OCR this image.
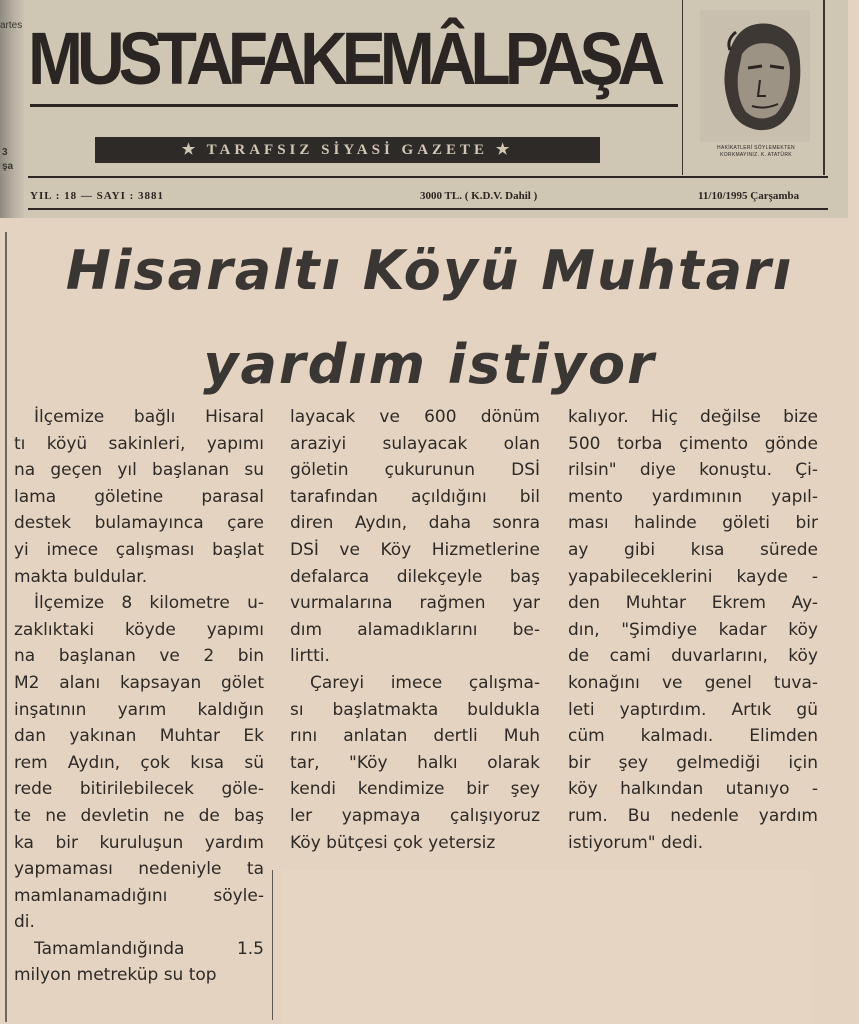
artes
3
şa
MUSTAFAKEMÂLPAŞA
HAKİKATLERİ SÖYLEMEKTEN KORKMAYINIZ. K. ATATÜRK
★ TARAFSIZ SİYASİ GAZETE ★
YIL : 18 — SAYI : 3881	3000 TL. ( K.D.V. Dahil )	11/10/1995 Çarşamba
Hisaraltı Köyü Muhtarı
yardım istiyor
İlçemize bağlı Hisaral
tı köyü sakinleri, yapımı
na geçen yıl başlanan su
lama göletine parasal
destek bulamayınca çare
yi imece çalışması başlat
makta buldular.
İlçemize 8 kilometre u-
zaklıktaki köyde yapımı
na başlanan ve 2 bin
M2 alanı kapsayan gölet
inşatının yarım kaldığın
dan yakınan Muhtar Ek
rem Aydın, çok kısa sü
rede bitirilebilecek göle-
te ne devletin ne de baş
ka bir kuruluşun yardım
yapmaması nedeniyle ta
mamlanamadığını söyle-
di.
Tamamlandığında 1.5
milyon metreküp su top
layacak ve 600 dönüm
araziyi sulayacak olan
göletin çukurunun DSİ
tarafından açıldığını bil
diren Aydın, daha sonra
DSİ ve Köy Hizmetlerine
defalarca dilekçeyle baş
vurmalarına rağmen yar
dım alamadıklarını be-
lirtti.
Çareyi imece çalışma-
sı başlatmakta buldukla
rını anlatan dertli Muh
tar, "Köy halkı olarak
kendi kendimize bir şey
ler yapmaya çalışıyoruz
Köy bütçesi çok yetersiz
kalıyor. Hiç değilse bize
500 torba çimento gönde
rilsin" diye konuştu. Çi-
mento yardımının yapıl-
ması halinde göleti bir
ay gibi kısa sürede
yapabileceklerini kayde -
den Muhtar Ekrem Ay-
dın, "Şimdiye kadar köy
de cami duvarlarını, köy
konağını ve genel tuva-
leti yaptırdım. Artık gü
cüm kalmadı. Elimden
bir şey gelmediği için
köy halkından utanıyo -
rum. Bu nedenle yardım
istiyorum" dedi.
